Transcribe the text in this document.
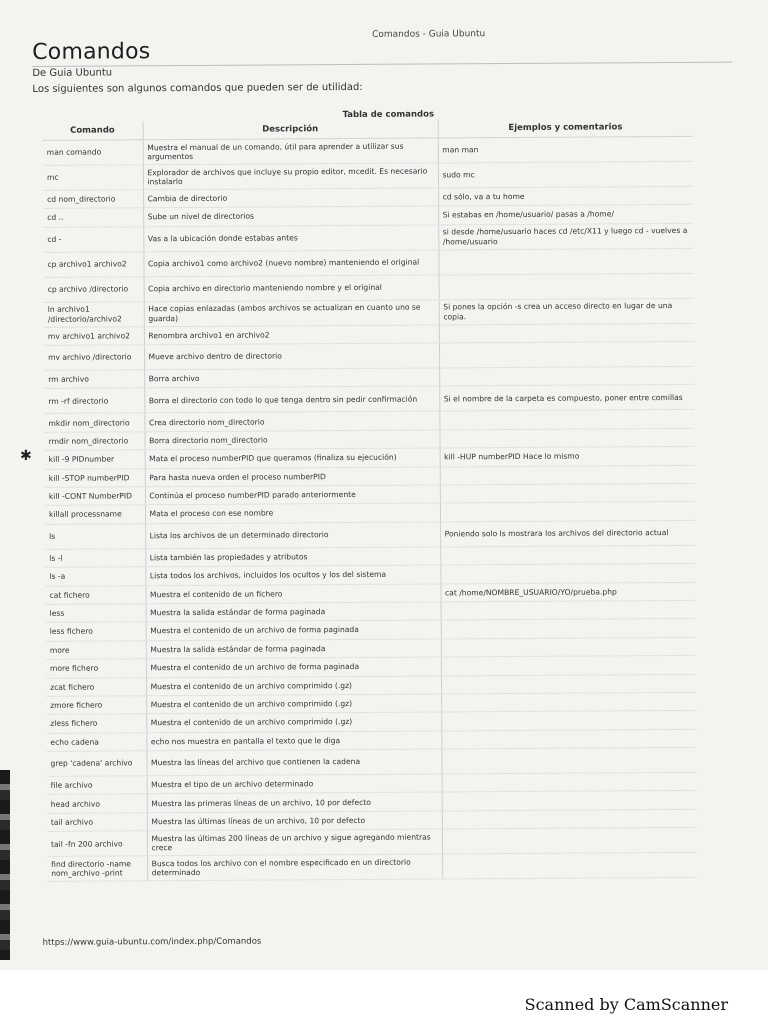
Comandos - Guia Ubuntu
Comandos
De Guia Ubuntu
Los siguientes son algunos comandos que pueden ser de utilidad:
Tabla de comandos
Comando	Descripción	Ejemplos y comentarios
man comando	Muestra el manual de un comando, útil para aprender a utilizar sus argumentos	man man
mc	Explorador de archivos que incluye su propio editor, mcedit. Es necesario instalarlo	sudo mc
cd nom_directorio	Cambia de directorio	cd sólo, va a tu home
cd ..	Sube un nivel de directorios	Si estabas en /home/usuario/ pasas a /home/
cd -	Vas a la ubicación donde estabas antes	si desde /home/usuario haces cd /etc/X11 y luego cd - vuelves a /home/usuario
cp archivo1 archivo2	Copia archivo1 como archivo2 (nuevo nombre) manteniendo el original	
cp archivo /directorio	Copia archivo en directorio manteniendo nombre y el original	
ln archivo1 /directorio/archivo2	Hace copias enlazadas (ambos archivos se actualizan en cuanto uno se guarda)	Si pones la opción -s crea un acceso directo en lugar de una copia.
mv archivo1 archivo2	Renombra archivo1 en archivo2	
mv archivo /directorio	Mueve archivo dentro de directorio	
rm archivo	Borra archivo	
rm -rf directorio	Borra el directorio con todo lo que tenga dentro sin pedir confirmación	Si el nombre de la carpeta es compuesto, poner entre comillas
mkdir nom_directorio	Crea directorio nom_directorio	
rmdir nom_directorio	Borra directorio nom_directorio	
kill -9 PIDnumber	Mata el proceso numberPID que queramos (finaliza su ejecución)	kill -HUP numberPID Hace lo mismo
kill -STOP numberPID	Para hasta nueva orden el proceso numberPID	
kill -CONT NumberPID	Continúa el proceso numberPID parado anteriormente	
killall processname	Mata el proceso con ese nombre	
ls	Lista los archivos de un determinado directorio	Poniendo solo ls mostrara los archivos del directorio actual
ls -l	Lista también las propiedades y atributos	
ls -a	Lista todos los archivos, incluidos los ocultos y los del sistema	
cat fichero	Muestra el contenido de un fichero	cat /home/NOMBRE_USUARIO/YO/prueba.php
less	Muestra la salida estándar de forma paginada	
less fichero	Muestra el contenido de un archivo de forma paginada	
more	Muestra la salida estándar de forma paginada	
more fichero	Muestra el contenido de un archivo de forma paginada	
zcat fichero	Muestra el contenido de un archivo comprimido (.gz)	
zmore fichero	Muestra el contenido de un archivo comprimido (.gz)	
zless fichero	Muestra el contenido de un archivo comprimido (.gz)	
echo cadena	echo nos muestra en pantalla el texto que le diga	
grep 'cadena' archivo	Muestra las líneas del archivo que contienen la cadena	
file archivo	Muestra el tipo de un archivo determinado	
head archivo	Muestra las primeras líneas de un archivo, 10 por defecto	
tail archivo	Muestra las últimas líneas de un archivo, 10 por defecto	
tail -fn 200 archivo	Muestra las últimas 200 líneas de un archivo y sigue agregando mientras crece	
find directorio -name nom_archivo -print	Busca todos los archivo con el nombre especificado en un directorio determinado	
https://www.guia-ubuntu.com/index.php/Comandos
✱
Scanned by CamScanner
